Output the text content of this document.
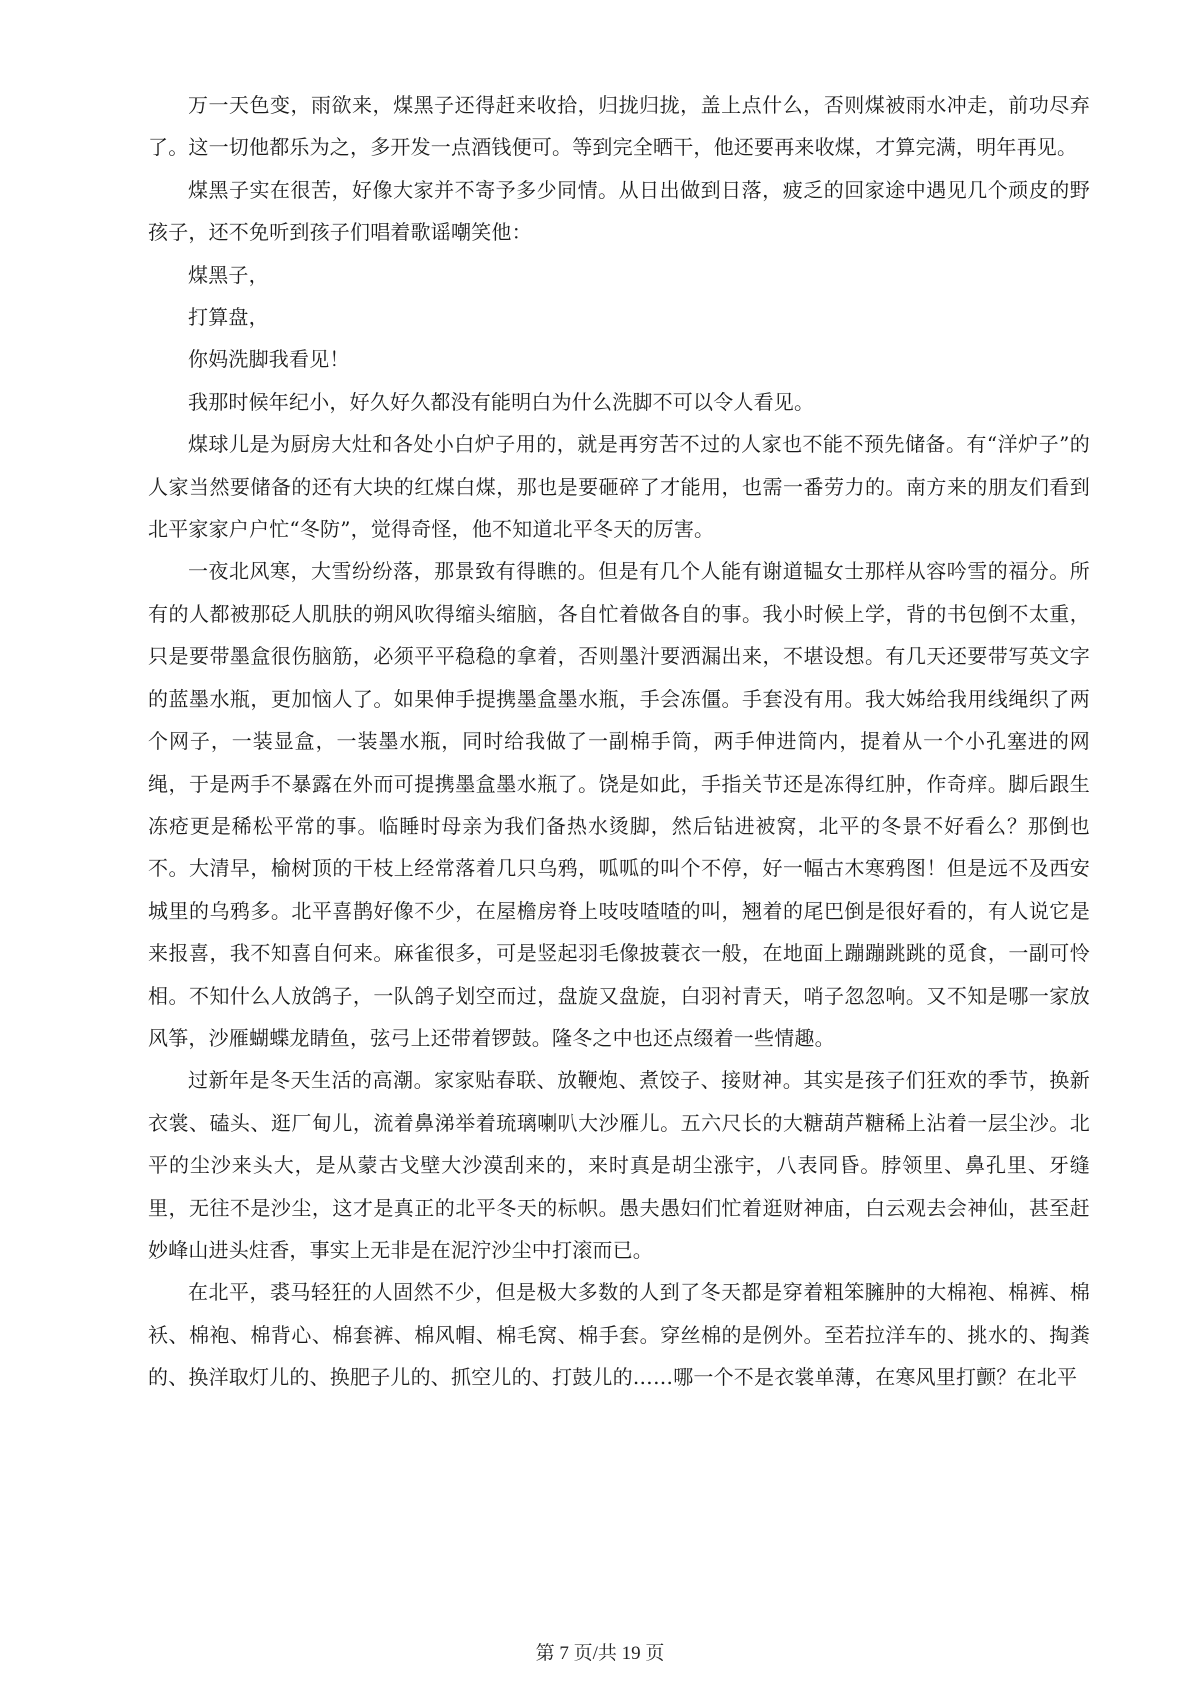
万一天色变，雨欲来，煤黑子还得赶来收拾，归拢归拢，盖上点什么，否则煤被雨水冲走，前功尽弃了。这一切他都乐为之，多开发一点酒钱便可。等到完全晒干，他还要再来收煤，才算完满，明年再见。

煤黑子实在很苦，好像大家并不寄予多少同情。从日出做到日落，疲乏的回家途中遇见几个顽皮的野孩子，还不免听到孩子们唱着歌谣嘲笑他：

煤黑子，

打算盘，

你妈洗脚我看见！

我那时候年纪小，好久好久都没有能明白为什么洗脚不可以令人看见。

煤球儿是为厨房大灶和各处小白炉子用的，就是再穷苦不过的人家也不能不预先储备。有“洋炉子”的人家当然要储备的还有大块的红煤白煤，那也是要砸碎了才能用，也需一番劳力的。南方来的朋友们看到北平家家户户忙“冬防”，觉得奇怪，他不知道北平冬天的厉害。

一夜北风寒，大雪纷纷落，那景致有得瞧的。但是有几个人能有谢道韫女士那样从容吟雪的福分。所有的人都被那砭人肌肤的朔风吹得缩头缩脑，各自忙着做各自的事。我小时候上学，背的书包倒不太重，只是要带墨盒很伤脑筋，必须平平稳稳的拿着，否则墨汁要洒漏出来，不堪设想。有几天还要带写英文字的蓝墨水瓶，更加恼人了。如果伸手提携墨盒墨水瓶，手会冻僵。手套没有用。我大姊给我用线绳织了两个网子，一装显盒，一装墨水瓶，同时给我做了一副棉手筒，两手伸进筒内，提着从一个小孔塞进的网绳，于是两手不暴露在外而可提携墨盒墨水瓶了。饶是如此，手指关节还是冻得红肿，作奇痒。脚后跟生冻疮更是稀松平常的事。临睡时母亲为我们备热水烫脚，然后钻进被窝，北平的冬景不好看么？那倒也不。大清早，榆树顶的干枝上经常落着几只乌鸦，呱呱的叫个不停，好一幅古木寒鸦图！但是远不及西安城里的乌鸦多。北平喜鹊好像不少，在屋檐房脊上吱吱喳喳的叫，翘着的尾巴倒是很好看的，有人说它是来报喜，我不知喜自何来。麻雀很多，可是竖起羽毛像披蓑衣一般，在地面上蹦蹦跳跳的觅食，一副可怜相。不知什么人放鸽子，一队鸽子划空而过，盘旋又盘旋，白羽衬青天，哨子忽忽响。又不知是哪一家放风筝，沙雁蝴蝶龙睛鱼，弦弓上还带着锣鼓。隆冬之中也还点缀着一些情趣。

过新年是冬天生活的高潮。家家贴春联、放鞭炮、煮饺子、接财神。其实是孩子们狂欢的季节，换新衣裳、磕头、逛厂甸儿，流着鼻涕举着琉璃喇叭大沙雁儿。五六尺长的大糖葫芦糖稀上沾着一层尘沙。北平的尘沙来头大，是从蒙古戈壁大沙漠刮来的，来时真是胡尘涨宇，八表同昏。脖领里、鼻孔里、牙缝里，无往不是沙尘，这才是真正的北平冬天的标帜。愚夫愚妇们忙着逛财神庙，白云观去会神仙，甚至赶妙峰山进头炷香，事实上无非是在泥泞沙尘中打滚而已。

在北平，裘马轻狂的人固然不少，但是极大多数的人到了冬天都是穿着粗笨臃肿的大棉袍、棉裤、棉袄、棉袍、棉背心、棉套裤、棉风帽、棉毛窝、棉手套。穿丝棉的是例外。至若拉洋车的、挑水的、掏粪的、换洋取灯儿的、换肥子儿的、抓空儿的、打鼓儿的……哪一个不是衣裳单薄，在寒风里打颤？在北平

第 7 页/共 19 页
